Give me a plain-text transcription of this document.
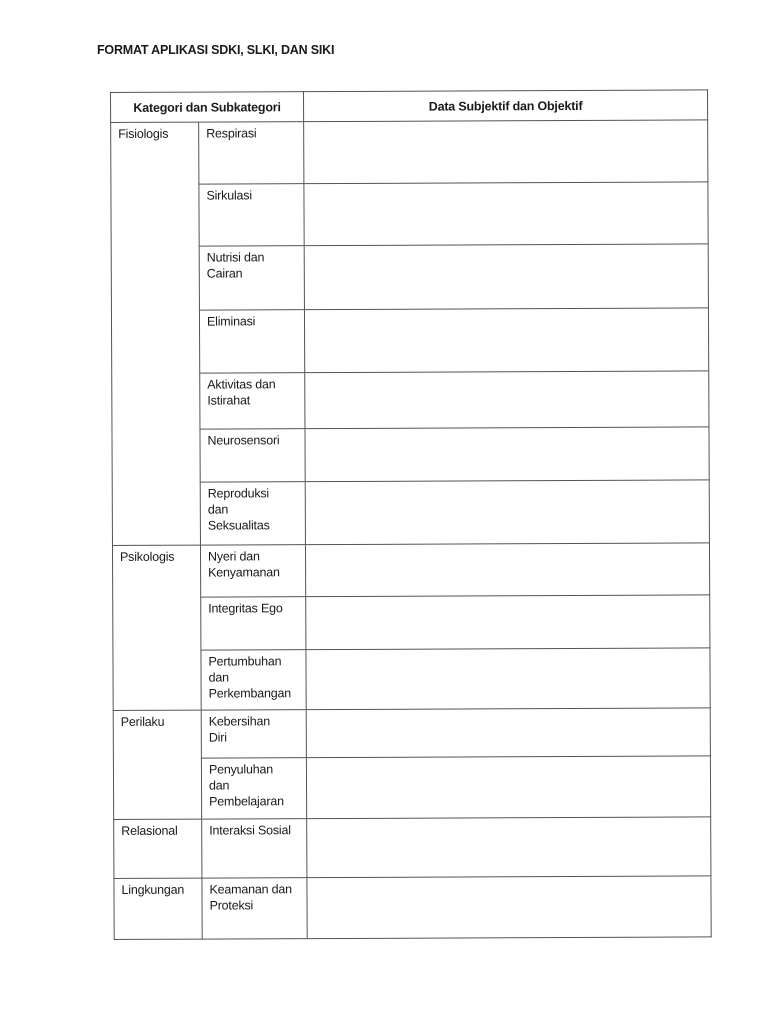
FORMAT APLIKASI SDKI, SLKI, DAN SIKI
Kategori dan Subkategori		Data Subjektif dan Objektif
Fisiologis	Respirasi	
	Sirkulasi	
	Nutrisi dan
Cairan	
	Eliminasi	
	Aktivitas dan
Istirahat	
	Neurosensori	
	Reproduksi
dan
Seksualitas	
Psikologis	Nyeri dan
Kenyamanan	
	Integritas Ego	
	Pertumbuhan
dan
Perkembangan	
Perilaku	Kebersihan
Diri	
	Penyuluhan
dan
Pembelajaran	
Relasional	Interaksi Sosial	
Lingkungan	Keamanan dan
Proteksi	
